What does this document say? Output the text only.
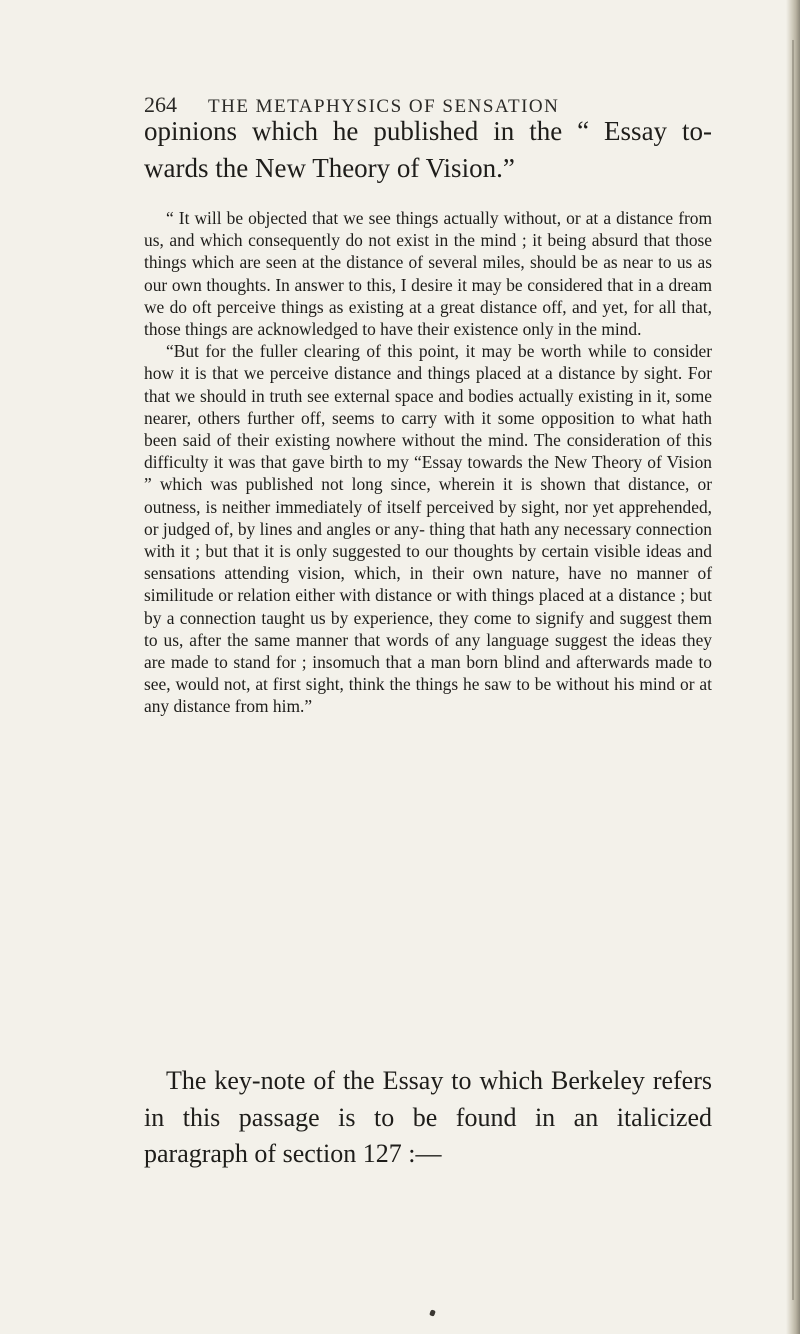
264 THE METAPHYSICS OF SENSATION

opinions which he published in the “ Essay to- wards the New Theory of Vision.”

“ It will be objected that we see things actually without, or at a distance from us, and which consequently do not exist in the mind ; it being absurd that those things which are seen at the distance of several miles, should be as near to us as our own thoughts. In answer to this, I desire it may be considered that in a dream we do oft perceive things as existing at a great distance off, and yet, for all that, those things are acknowledged to have their existence only in the mind.

“But for the fuller clearing of this point, it may be worth while to consider how it is that we perceive distance and things placed at a distance by sight. For that we should in truth see external space and bodies actually existing in it, some nearer, others further off, seems to carry with it some opposition to what hath been said of their existing nowhere without the mind. The consideration of this difficulty it was that gave birth to my “Essay towards the New Theory of Vision ” which was published not long since, wherein it is shown that distance, or outness, is neither immediately of itself perceived by sight, nor yet apprehended, or judged of, by lines and angles or any- thing that hath any necessary connection with it ; but that it is only suggested to our thoughts by certain visible ideas and sensations attending vision, which, in their own nature, have no manner of similitude or relation either with distance or with things placed at a distance ; but by a connection taught us by experience, they come to signify and suggest them to us, after the same manner that words of any language suggest the ideas they are made to stand for ; insomuch that a man born blind and afterwards made to see, would not, at first sight, think the things he saw to be without his mind or at any distance from him.”

The key-note of the Essay to which Berkeley refers in this passage is to be found in an italicized paragraph of section 127 :—
